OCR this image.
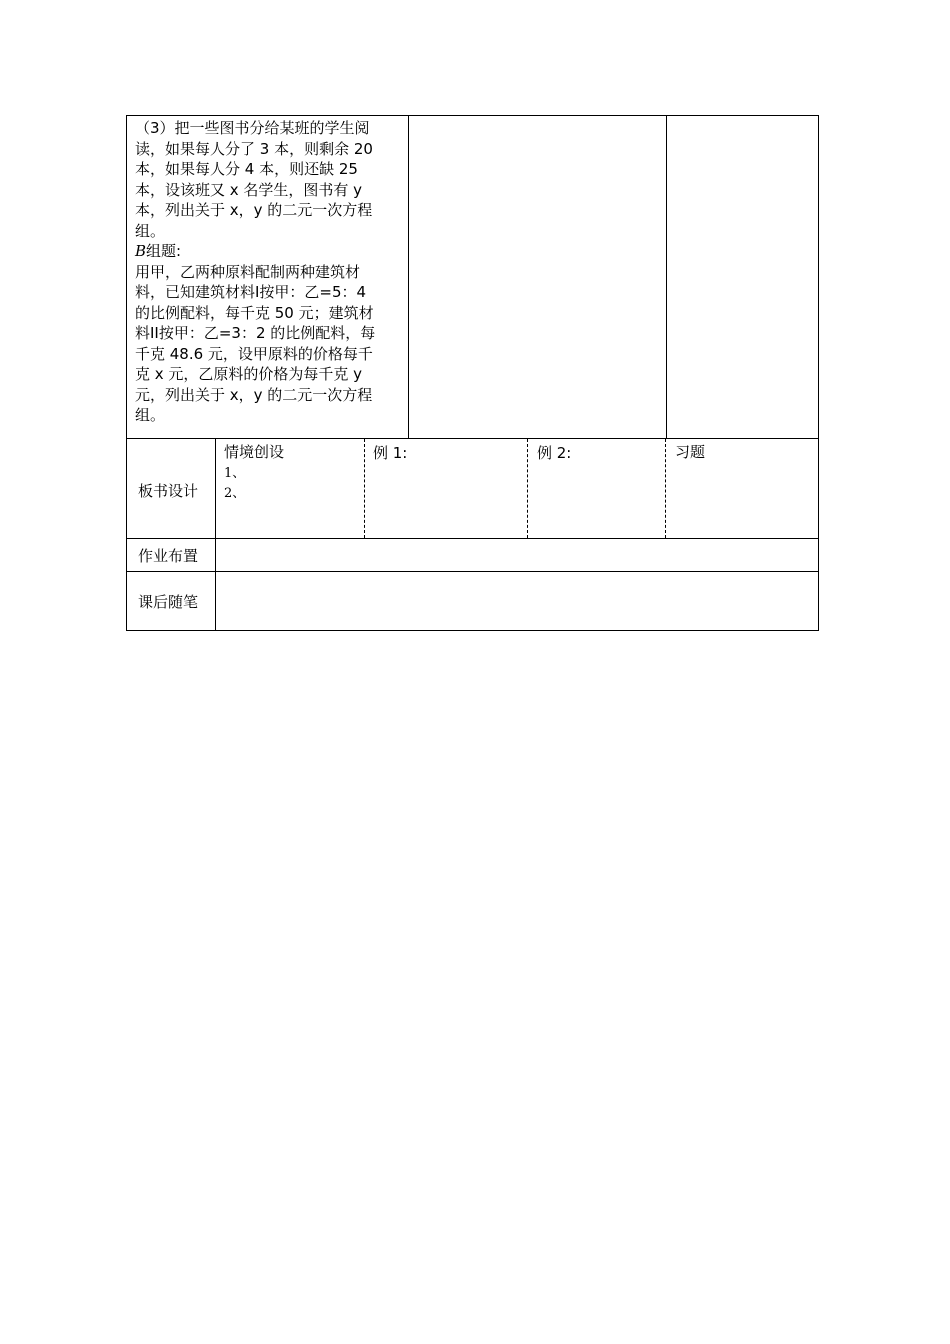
（3）把一些图书分给某班的学生阅
读，如果每人分了 3 本，则剩余 20
本，如果每人分 4 本，则还缺 25
本，设该班又 x 名学生，图书有 y
本，列出关于 x，y 的二元一次方程
组。
B组题:
用甲，乙两种原料配制两种建筑材
料，已知建筑材料I按甲：乙=5：4
的比例配料，每千克 50 元；建筑材
料II按甲：乙=3：2 的比例配料，每
千克 48.6 元，设甲原料的价格每千
克 x 元，乙原料的价格为每千克 y
元，列出关于 x，y 的二元一次方程
组。
板书设计
情境创设
1、
2、
例 1:	例 2:	习题
作业布置
课后随笔
